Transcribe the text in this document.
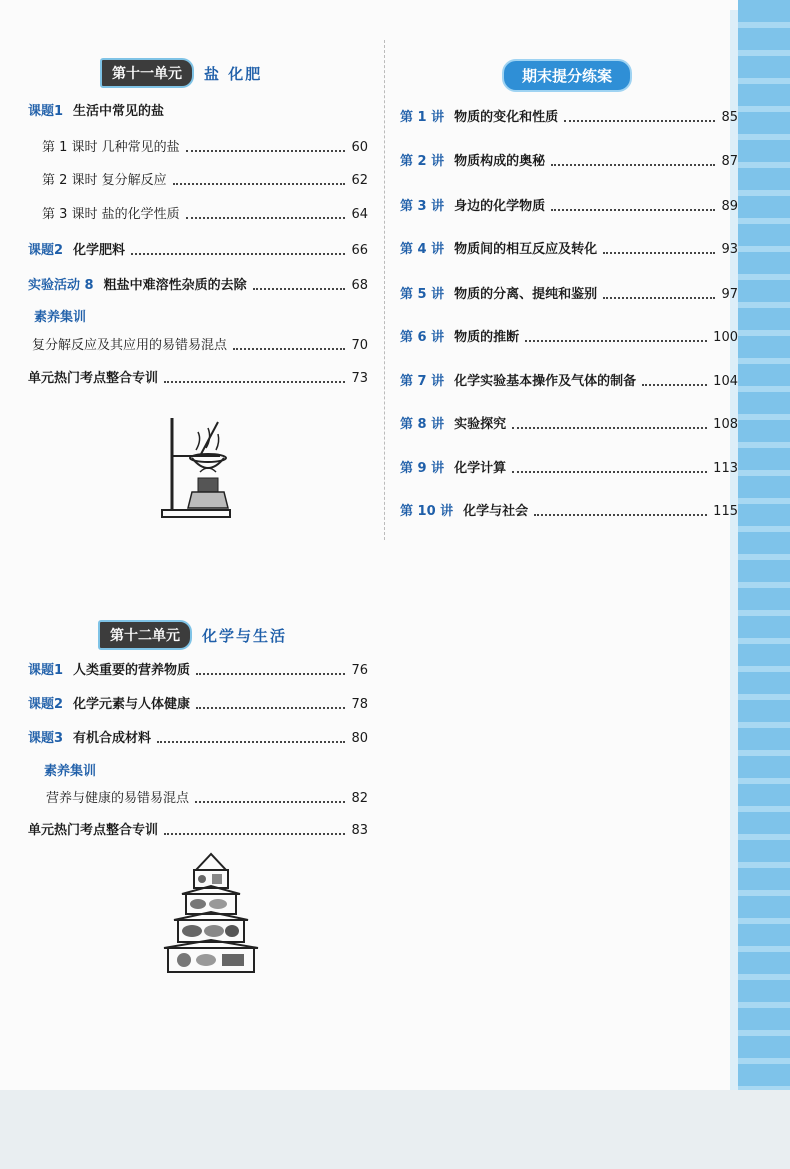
第十一单元	盐 化肥
课题1 生活中常见的盐
第 1 课时 几种常见的盐	60
第 2 课时 复分解反应	62
第 3 课时 盐的化学性质	64
课题2 化学肥料	66
实验活动 8 粗盐中难溶性杂质的去除	68
素养集训
复分解反应及其应用的易错易混点	70
单元热门考点整合专训	73
第十二单元	化学与生活
课题1 人类重要的营养物质	76
课题2 化学元素与人体健康	78
课题3 有机合成材料	80
素养集训
营养与健康的易错易混点	82
单元热门考点整合专训	83
期末提分练案
第 1 讲 物质的变化和性质	85
第 2 讲 物质构成的奥秘	87
第 3 讲 身边的化学物质	89
第 4 讲 物质间的相互反应及转化	93
第 5 讲 物质的分离、提纯和鉴别	97
第 6 讲 物质的推断	100
第 7 讲 化学实验基本操作及气体的制备	104
第 8 讲 实验探究	108
第 9 讲 化学计算	113
第 10 讲 化学与社会	115
